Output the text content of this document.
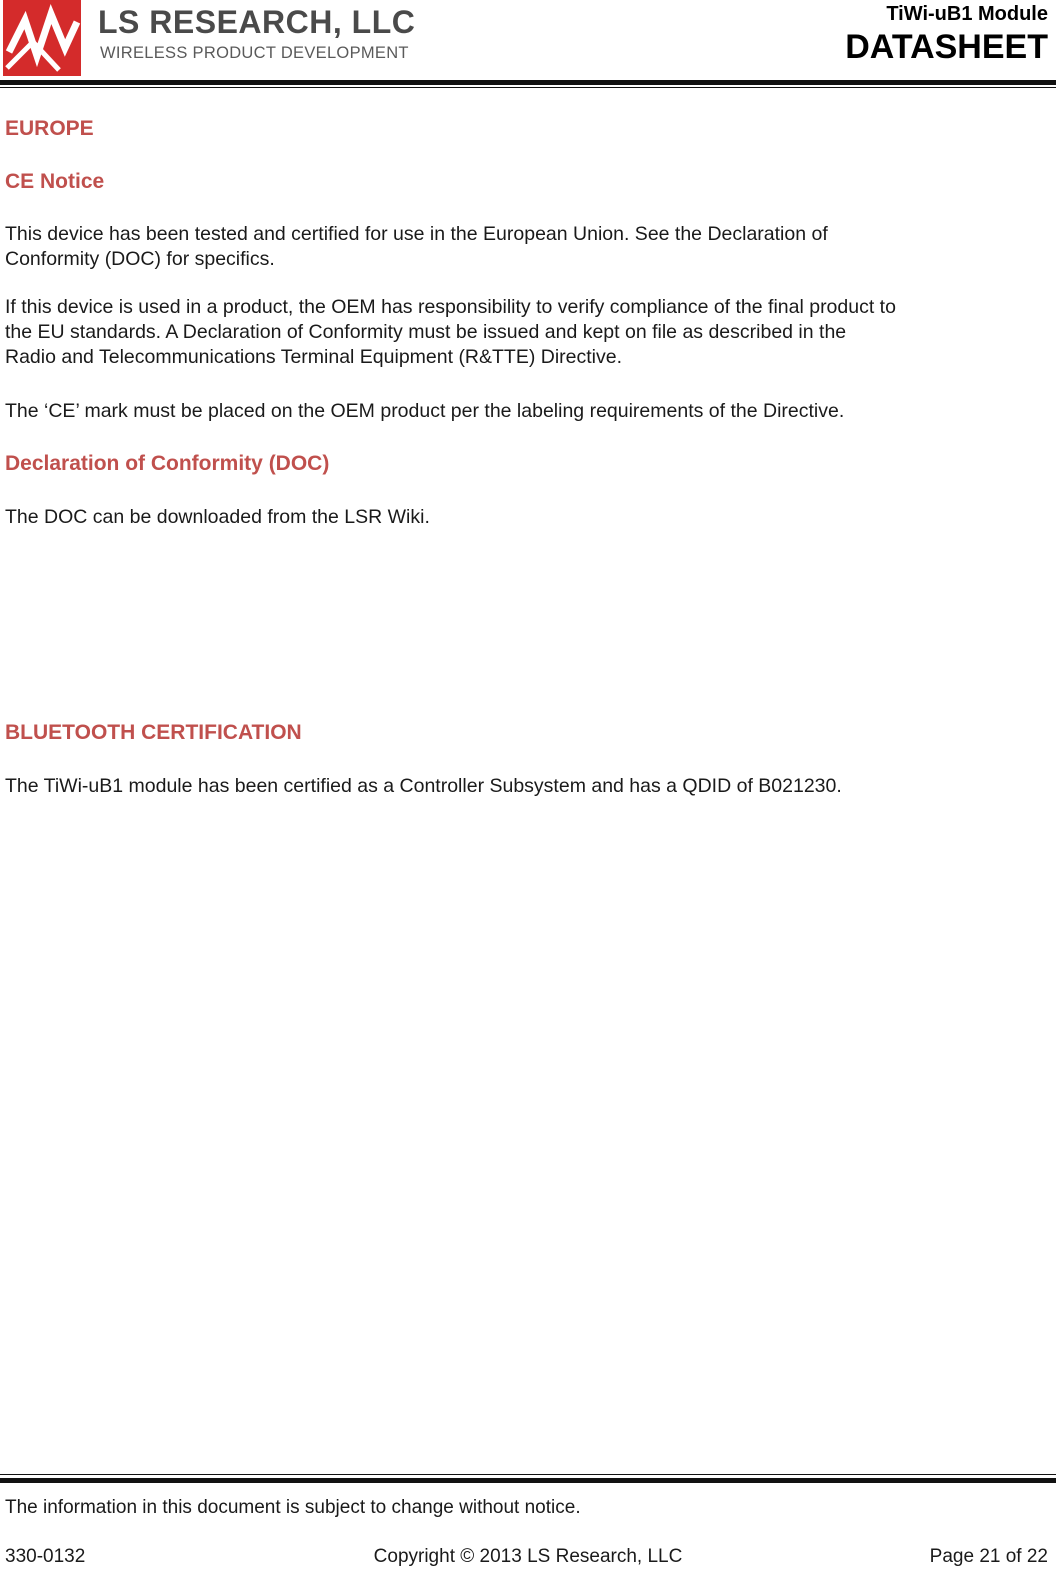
LS RESEARCH, LLC
WIRELESS PRODUCT DEVELOPMENT
TiWi-uB1 Module
DATASHEET
EUROPE
CE Notice
This device has been tested and certified for use in the European Union. See the Declaration of
Conformity (DOC) for specifics.
If this device is used in a product, the OEM has responsibility to verify compliance of the final product to
the EU standards. A Declaration of Conformity must be issued and kept on file as described in the
Radio and Telecommunications Terminal Equipment (R&TTE) Directive.
The ‘CE’ mark must be placed on the OEM product per the labeling requirements of the Directive.
Declaration of Conformity (DOC)
The DOC can be downloaded from the LSR Wiki.
BLUETOOTH CERTIFICATION
The TiWi-uB1 module has been certified as a Controller Subsystem and has a QDID of B021230.
The information in this document is subject to change without notice.
330-0132	Copyright © 2013 LS Research, LLC	Page 21 of 22
